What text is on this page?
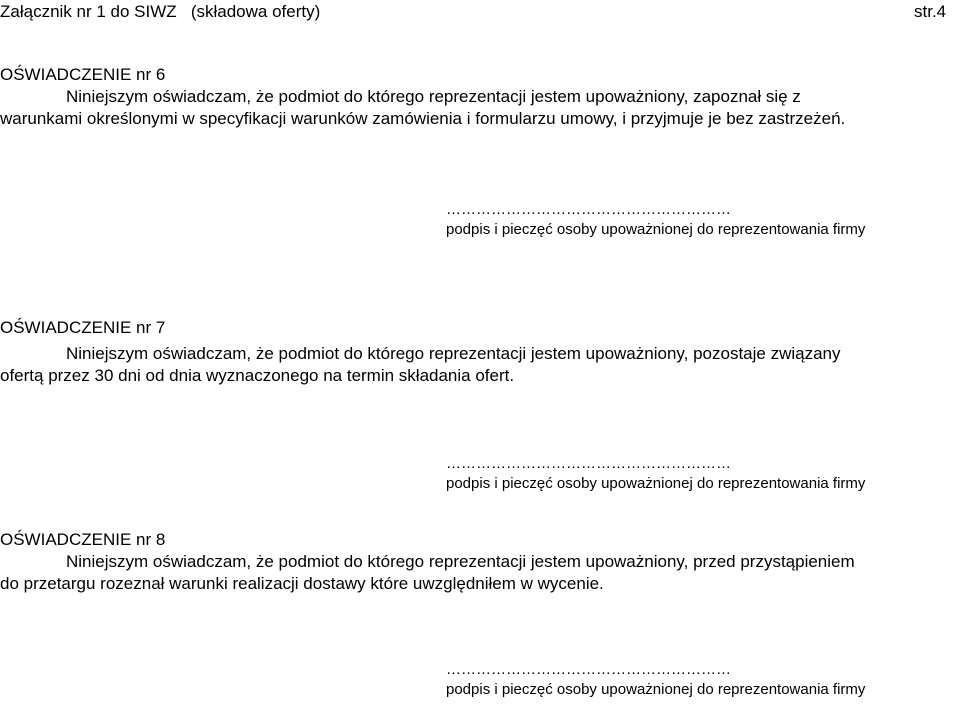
Załącznik nr 1 do SIWZ   (składowa oferty)	str.4
OŚWIADCZENIE nr 6
Niniejszym oświadczam, że podmiot do którego reprezentacji jestem upoważniony, zapoznał się z
warunkami określonymi w specyfikacji warunków zamówienia i formularzu umowy, i przyjmuje je bez zastrzeżeń.
…………………………………………………
podpis i pieczęć osoby upoważnionej do reprezentowania firmy
OŚWIADCZENIE nr 7
Niniejszym oświadczam, że podmiot do którego reprezentacji jestem upoważniony, pozostaje związany
ofertą przez 30 dni od dnia wyznaczonego na termin składania ofert.
…………………………………………………
podpis i pieczęć osoby upoważnionej do reprezentowania firmy
OŚWIADCZENIE nr 8
Niniejszym oświadczam, że podmiot do którego reprezentacji jestem upoważniony, przed przystąpieniem
do przetargu rozeznał warunki realizacji dostawy które uwzględniłem w wycenie.
…………………………………………………
podpis i pieczęć osoby upoważnionej do reprezentowania firmy
